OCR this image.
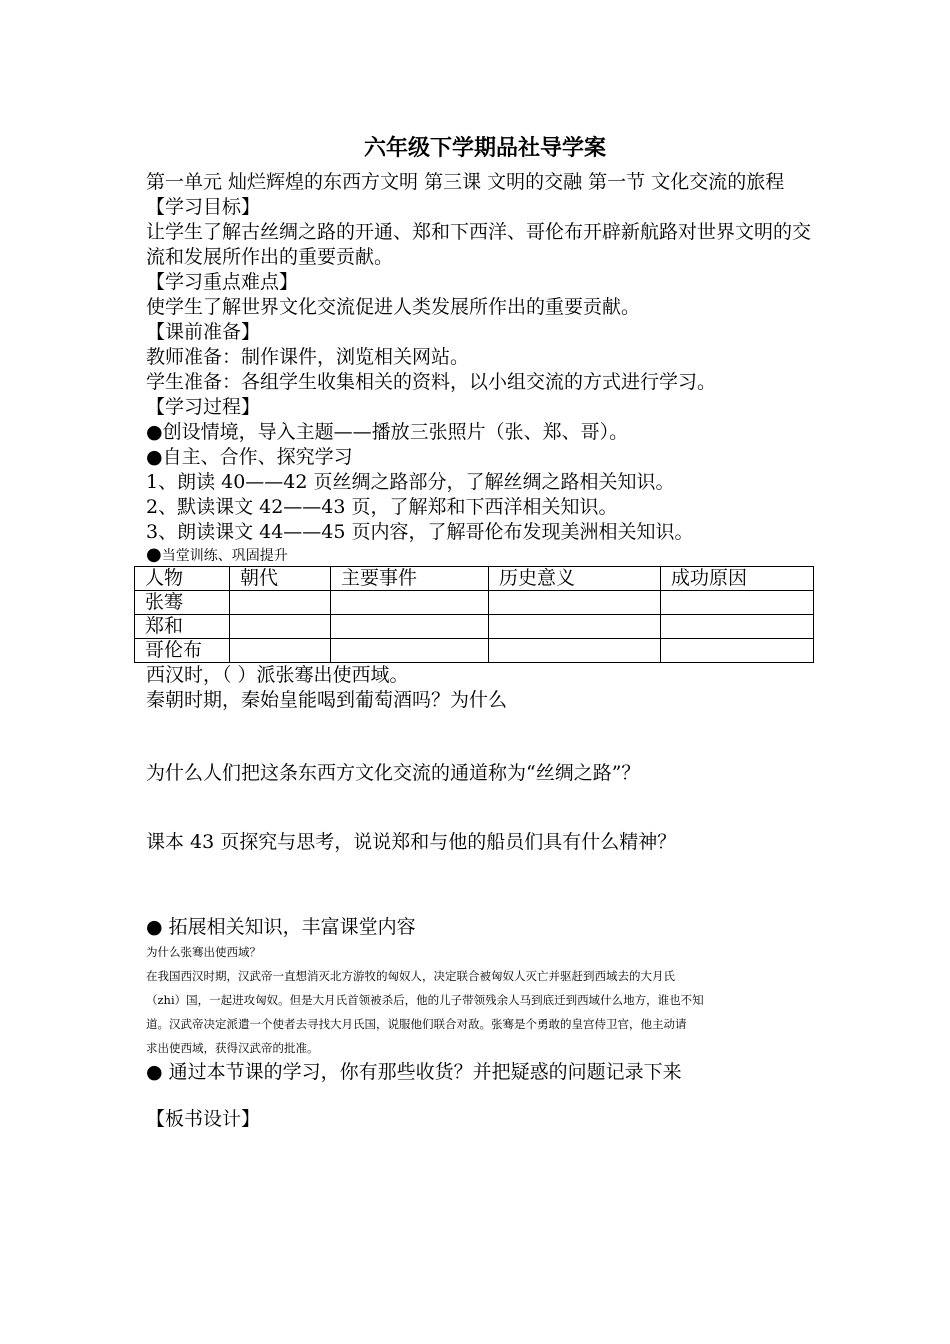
六年级下学期品社导学案

第一单元 灿烂辉煌的东西方文明 第三课 文明的交融 第一节 文化交流的旅程

【学习目标】

让学生了解古丝绸之路的开通、郑和下西洋、哥伦布开辟新航路对世界文明的交流和发展所作出的重要贡献。

【学习重点难点】

使学生了解世界文化交流促进人类发展所作出的重要贡献。

【课前准备】

教师准备：制作课件，浏览相关网站。

学生准备：各组学生收集相关的资料，以小组交流的方式进行学习。

【学习过程】

●创设情境，导入主题——播放三张照片（张、郑、哥）。

●自主、合作、探究学习

1、朗读 40——42 页丝绸之路部分，了解丝绸之路相关知识。

2、默读课文 42——43 页，了解郑和下西洋相关知识。

3、朗读课文 44——45 页内容，了解哥伦布发现美洲相关知识。

●当堂训练、巩固提升

人物	朝代	主要事件	历史意义	成功原因
张骞				
郑和				
哥伦布				

西汉时，（ ）派张骞出使西域。

秦朝时期，秦始皇能喝到葡萄酒吗？为什么

为什么人们把这条东西方文化交流的通道称为“丝绸之路”？

课本 43 页探究与思考，说说郑和与他的船员们具有什么精神？

● 拓展相关知识，丰富课堂内容

为什么张骞出使西域？

在我国西汉时期，汉武帝一直想消灭北方游牧的匈奴人，决定联合被匈奴人灭亡并驱赶到西域去的大月氏

（zhi）国，一起进攻匈奴。但是大月氏首领被杀后，他的儿子带领残余人马到底迁到西域什么地方，谁也不知

道。汉武帝决定派遣一个使者去寻找大月氏国，说服他们联合对敌。张骞是个勇敢的皇宫侍卫官，他主动请

求出使西域，获得汉武帝的批准。

● 通过本节课的学习，你有那些收货？并把疑惑的问题记录下来

【板书设计】
